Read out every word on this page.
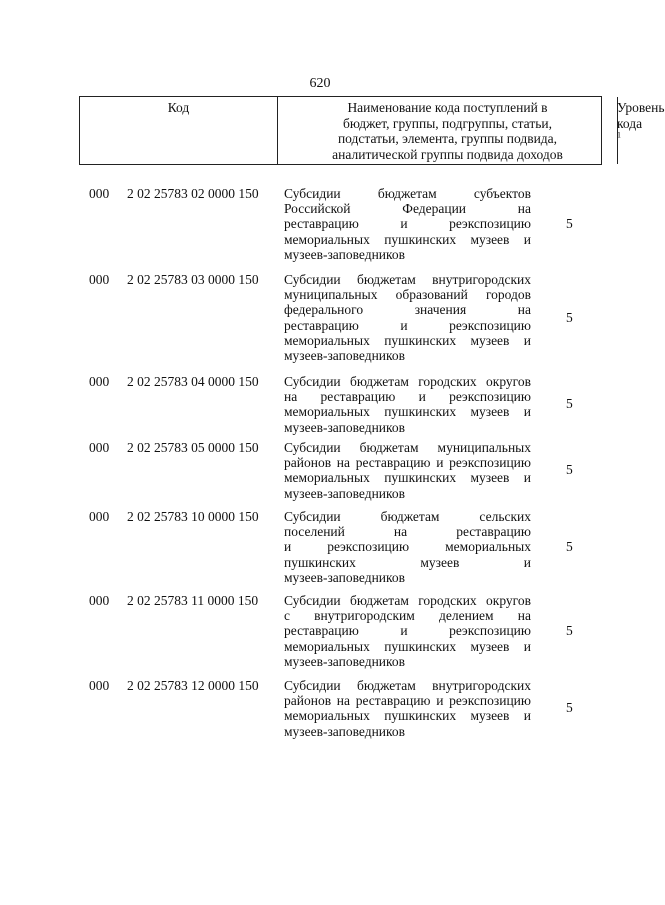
620
Код	Наименование кода поступлений в
бюджет, группы, подгруппы, статьи,
подстатьи, элемента, группы подвида,
аналитической группы подвида доходов
Уровень
кода $^1$
000 2 02 25783 02 0000 150 Субсидии бюджетам субъектов
Российской Федерации на
реставрацию и реэкспозицию
мемориальных пушкинских музеев и
музеев-заповедников
5
000 2 02 25783 03 0000 150 Субсидии бюджетам внутригородских
муниципальных образований городов
федерального значения на
реставрацию и реэкспозицию
мемориальных пушкинских музеев и
музеев-заповедников
5
000 2 02 25783 04 0000 150 Субсидии бюджетам городских округов
на реставрацию и реэкспозицию
мемориальных пушкинских музеев и
музеев-заповедников
5
000 2 02 25783 05 0000 150 Субсидии бюджетам муниципальных
районов на реставрацию и реэкспозицию
мемориальных пушкинских музеев и
музеев-заповедников
5
000 2 02 25783 10 0000 150 Субсидии бюджетам сельских
поселений на реставрацию
и реэкспозицию мемориальных
пушкинских музеев и
музеев-заповедников
5
000 2 02 25783 11 0000 150 Субсидии бюджетам городских округов
с внутригородским делением на
реставрацию и реэкспозицию
мемориальных пушкинских музеев и
музеев-заповедников
5
000 2 02 25783 12 0000 150 Субсидии бюджетам внутригородских
районов на реставрацию и реэкспозицию
мемориальных пушкинских музеев и
музеев-заповедников
5
